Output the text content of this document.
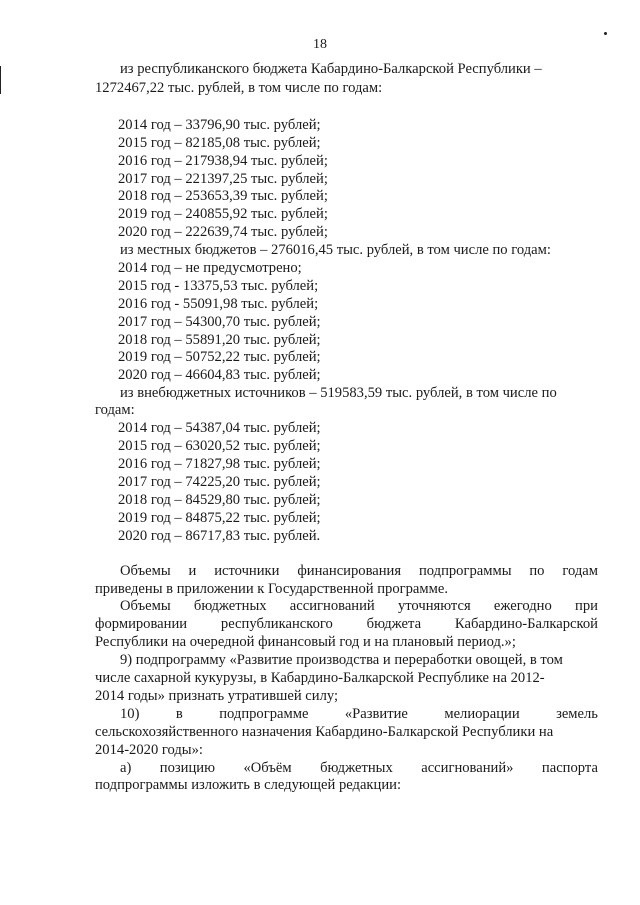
18
из республиканского бюджета Кабардино-Балкарской Республики –
1272467,22 тыс. рублей, в том числе по годам:
2014 год – 33796,90 тыс. рублей;
2015 год – 82185,08 тыс. рублей;
2016 год – 217938,94 тыс. рублей;
2017 год – 221397,25 тыс. рублей;
2018 год – 253653,39 тыс. рублей;
2019 год – 240855,92 тыс. рублей;
2020 год – 222639,74 тыс. рублей;
из местных бюджетов – 276016,45 тыс. рублей, в том числе по годам:
2014 год – не предусмотрено;
2015 год - 13375,53 тыс. рублей;
2016 год - 55091,98 тыс. рублей;
2017 год – 54300,70 тыс. рублей;
2018 год – 55891,20 тыс. рублей;
2019 год – 50752,22 тыс. рублей;
2020 год – 46604,83 тыс. рублей;
из внебюджетных источников – 519583,59 тыс. рублей, в том числе по
годам:
2014 год – 54387,04 тыс. рублей;
2015 год – 63020,52 тыс. рублей;
2016 год – 71827,98 тыс. рублей;
2017 год – 74225,20 тыс. рублей;
2018 год – 84529,80 тыс. рублей;
2019 год – 84875,22 тыс. рублей;
2020 год – 86717,83 тыс. рублей.
Объемы и источники финансирования подпрограммы по годам
приведены в приложении к Государственной программе.
Объемы бюджетных ассигнований уточняются ежегодно при
формировании республиканского бюджета Кабардино-Балкарской
Республики на очередной финансовый год и на плановый период.»;
9) подпрограмму «Развитие производства и переработки овощей, в том
числе сахарной кукурузы, в Кабардино-Балкарской Республике на 2012-
2014 годы» признать утратившей силу;
10) в подпрограмме «Развитие мелиорации земель
сельскохозяйственного назначения Кабардино-Балкарской Республики на
2014-2020 годы»:
а) позицию «Объём бюджетных ассигнований» паспорта
подпрограммы изложить в следующей редакции:
